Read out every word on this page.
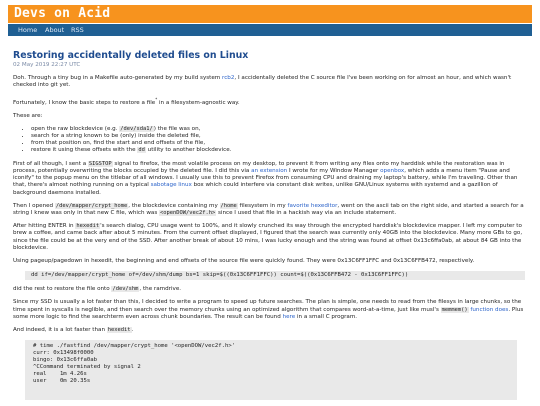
Devs on Acid
Home About RSS
Restoring accidentally deleted files on Linux
02 May 2019 22:27 UTC

Doh. Through a tiny bug in a Makefile auto-generated by my build system rcb2, I accidentally deleted the C source file I've been working on for almost an hour, and which wasn't checked into git yet.

Fortunately, I know the basic steps to restore a file* in a filesystem-agnostic way.

These are:

• open the raw blockdevice (e.g. /dev/sda1/) the file was on,
• search for a string known to be (only) inside the deleted file,
• from that position on, find the start and end offsets of the file,
• restore it using these offsets with the dd utility to another blockdevice.

First of all though, I sent a SIGSTOP signal to firefox, the most volatile process on my desktop, to prevent it from writing any files onto my harddisk while the restoration was in process, potentially overwriting the blocks occupied by the deleted file. I did this via an extension I wrote for my Window Manager openbox, which adds a menu item "Pause and iconify" to the popup menu on the titlebar of all windows. I usually use this to prevent Firefox from consuming CPU and draining my laptop's battery, while I'm traveling. Other than that, there's almost nothing running on a typical sabotage linux box which could interfere via constant disk writes, unlike GNU/Linux systems with systemd and a gazillion of background daemons installed.

Then I opened /dev/mapper/crypt_home, the blockdevice containing my /home filesystem in my favorite hexeditor, went on the ascii tab on the right side, and started a search for a string I knew was only in that new C file, which was <openDOW/vec2f.h> since I used that file in a hackish way via an include statement.

After hitting ENTER in hexedit's search dialog, CPU usage went to 100%, and it slowly crunched its way through the encrypted harddisk's blockdevice mapper. I left my computer to brew a coffee, and came back after about 5 minutes. From the current offset displayed, I figured that the search was currently only 40GB into the blockdevice. Many more GBs to go, since the file could be at the very end of the SSD. After another break of about 10 mins, I was lucky enough and the string was found at offset 0x13c6ffa0ab, at about 84 GB into the blockdevice.

Using pageup/pagedown in hexedit, the beginning and end offsets of the source file were quickly found. They were 0x13C6FF1FFC and 0x13C6FFB472, respectively.

dd if=/dev/mapper/crypt_home of=/dev/shm/dump bs=1 skip=$((0x13C6FF1FFC)) count=$((0x13C6FFB472 - 0x13C6FF1FFC))

did the rest to restore the file onto /dev/shm, the ramdrive.

Since my SSD is usually a lot faster than this, I decided to write a program to speed up future searches. The plan is simple, one needs to read from the filesys in large chunks, so the time spent in syscalls is neglible, and then search over the memory chunks using an optimized algorithm that compares word-at-a-time, just like musl's memmem() function does. Plus some more logic to find the searchterm even across chunk boundaries. The result can be found here in a small C program.

And indeed, it is a lot faster than hexedit.

# time ./fastfind /dev/mapper/crypt_home '<openDOW/vec2f.h>'
curr: 0x13498f0000
bingo: 0x13c6ffa0ab
^CCommand terminated by signal 2
real    1m 4.26s
user    0m 20.35s
